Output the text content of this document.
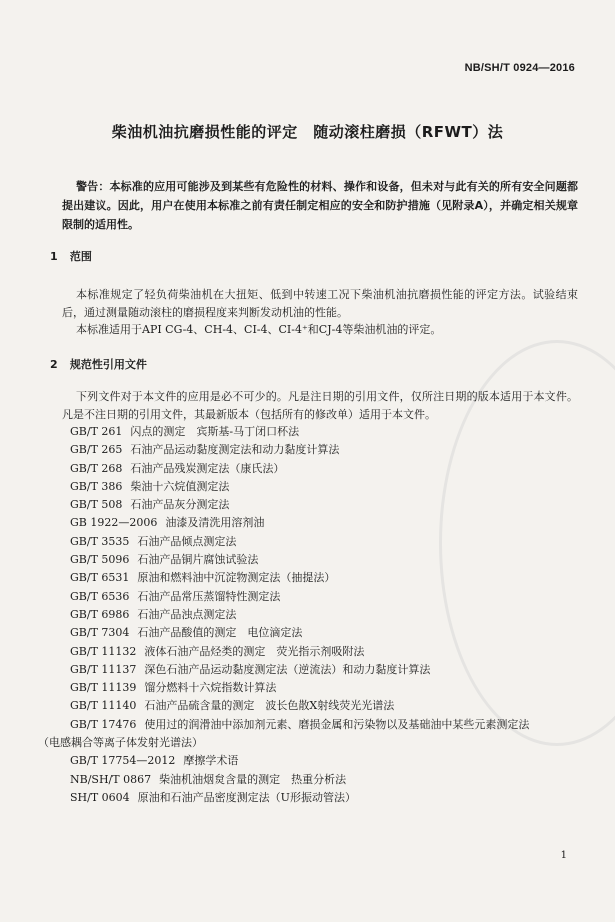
NB/SH/T 0924—2016
柴油机油抗磨损性能的评定　随动滚柱磨损（RFWT）法
警告：本标准的应用可能涉及到某些有危险性的材料、操作和设备，但未对与此有关的所有安全问题都提出建议。因此，用户在使用本标准之前有责任制定相应的安全和防护措施（见附录A），并确定相关规章限制的适用性。
1 范围
本标准规定了轻负荷柴油机在大扭矩、低到中转速工况下柴油机油抗磨损性能的评定方法。试验结束后，通过测量随动滚柱的磨损程度来判断发动机油的性能。
本标准适用于API CG-4、CH-4、CI-4、CI-4⁺和CJ-4等柴油机油的评定。
2 规范性引用文件
下列文件对于本文件的应用是必不可少的。凡是注日期的引用文件，仅所注日期的版本适用于本文件。凡是不注日期的引用文件，其最新版本（包括所有的修改单）适用于本文件。
GB/T 261 闪点的测定　宾斯基-马丁闭口杯法
GB/T 265 石油产品运动黏度测定法和动力黏度计算法
GB/T 268 石油产品残炭测定法（康氏法）
GB/T 386 柴油十六烷值测定法
GB/T 508 石油产品灰分测定法
GB 1922—2006 油漆及清洗用溶剂油
GB/T 3535 石油产品倾点测定法
GB/T 5096 石油产品铜片腐蚀试验法
GB/T 6531 原油和燃料油中沉淀物测定法（抽提法）
GB/T 6536 石油产品常压蒸馏特性测定法
GB/T 6986 石油产品浊点测定法
GB/T 7304 石油产品酸值的测定　电位滴定法
GB/T 11132 液体石油产品烃类的测定　荧光指示剂吸附法
GB/T 11137 深色石油产品运动黏度测定法（逆流法）和动力黏度计算法
GB/T 11139 馏分燃料十六烷指数计算法
GB/T 11140 石油产品硫含量的测定　波长色散X射线荧光光谱法
GB/T 17476 使用过的润滑油中添加剂元素、磨损金属和污染物以及基础油中某些元素测定法
（电感耦合等离子体发射光谱法）
GB/T 17754—2012 摩擦学术语
NB/SH/T 0867 柴油机油烟炱含量的测定　热重分析法
SH/T 0604 原油和石油产品密度测定法（U形振动管法）
1
